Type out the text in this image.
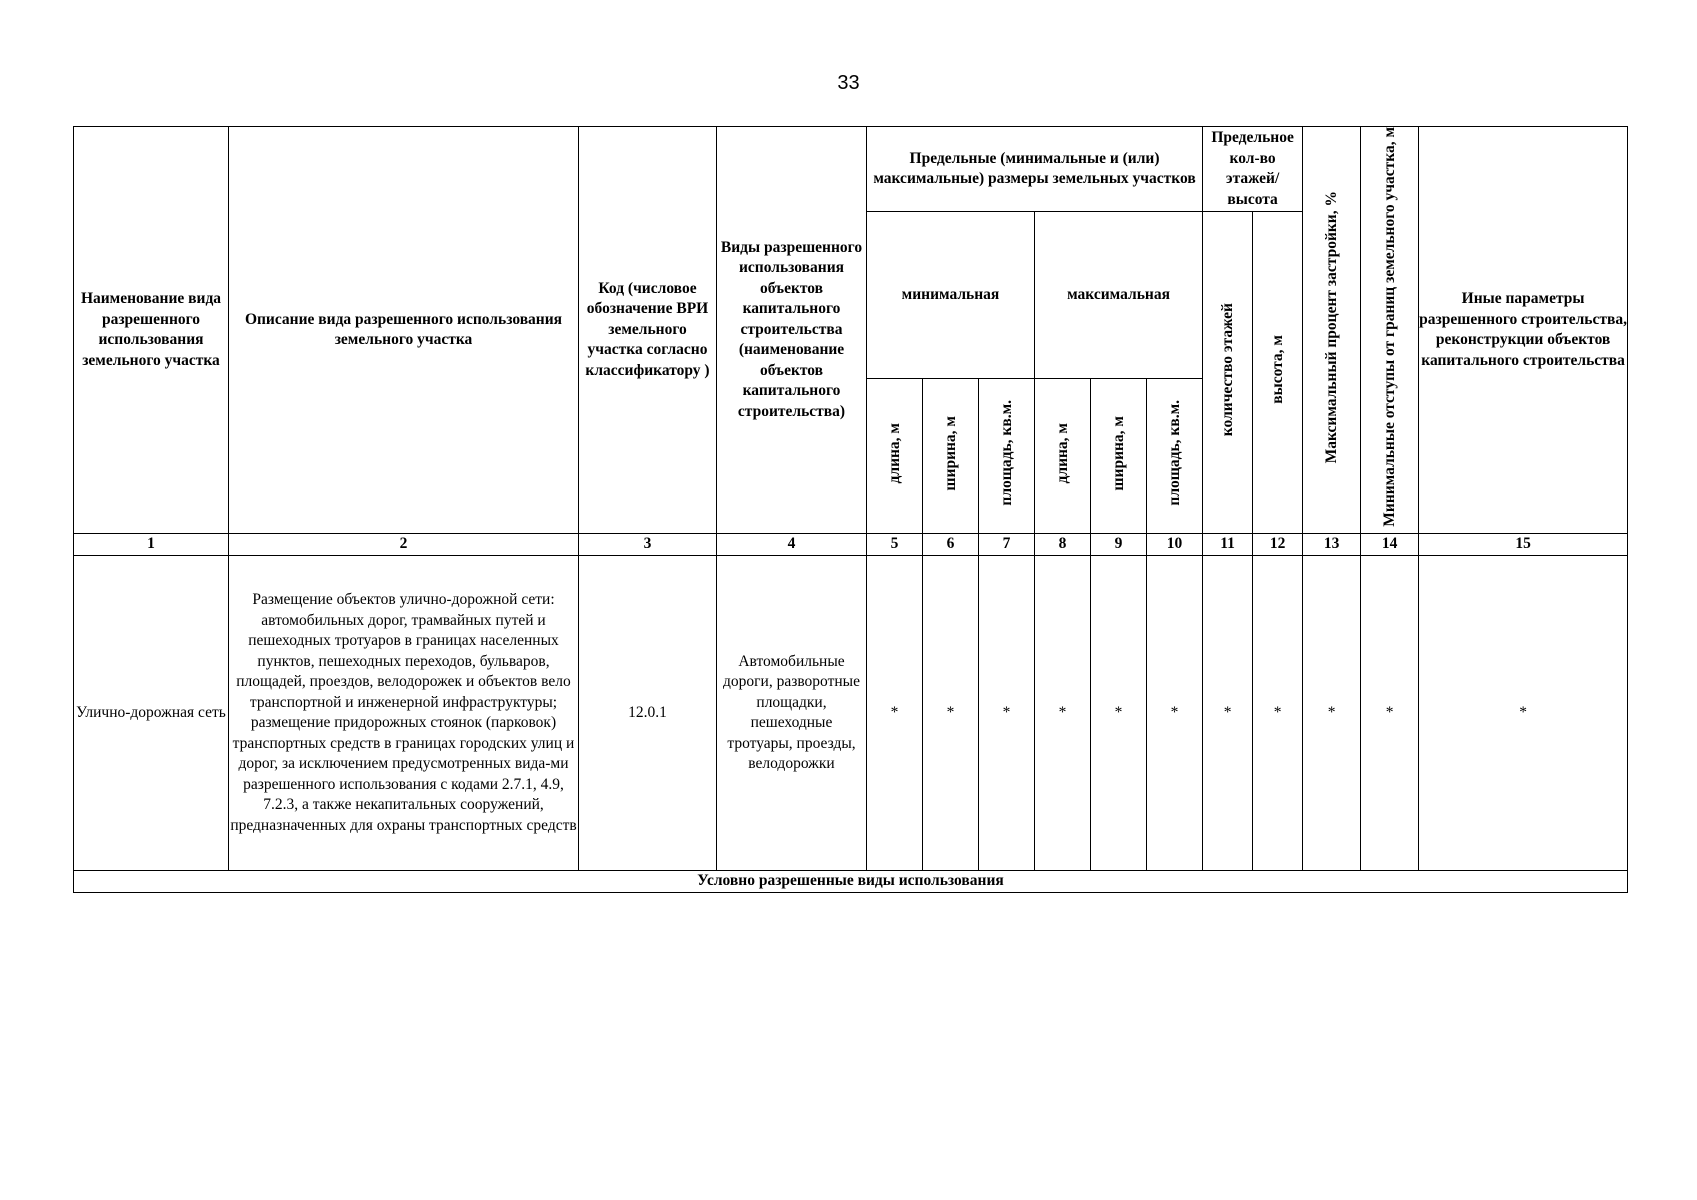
33
Наименование вида разрешенного использования земельного участка	Описание вида разрешенного использования земельного участка	Код (числовое обозначение ВРИ земельного участка согласно классификатору )	Виды разрешенного использования объектов капитального строительства (наименование объектов капитального строительства)	Предельные (минимальные и (или) максимальные) размеры земельных участков						Предельное кол-во этажей/ высота		Максимальный процент застройки, %	Минимальные отступы от границ земельного участка, м	Иные параметры разрешенного строительства, реконструкции объектов капитального строительства
				минимальная			максимальная			количество этажей	высота, м			
				длина, м	ширина, м	площадь, кв.м.	длина, м	ширина, м	площадь, кв.м.					
1	2	3	4	5	6	7	8	9	10	11	12	13	14	15
Улично-дорожная сеть	Размещение объектов улично-дорожной сети: автомобильных дорог, трамвайных путей и пешеходных тротуаров в границах населенных пунктов, пешеходных переходов, бульваров, площадей, проездов, велодорожек и объектов вело транспортной и инженерной инфраструктуры; размещение придорожных стоянок (парковок) транспортных средств в границах городских улиц и дорог, за исключением предусмотренных вида-ми разрешенного использования с кодами 2.7.1, 4.9, 7.2.3, а также некапитальных сооружений, предназначенных для охраны транспортных средств	12.0.1	Автомобильные дороги, разворотные площадки, пешеходные тротуары, проезды, велодорожки	*	*	*	*	*	*	*	*	*	*	*
Условно разрешенные виды использования														
